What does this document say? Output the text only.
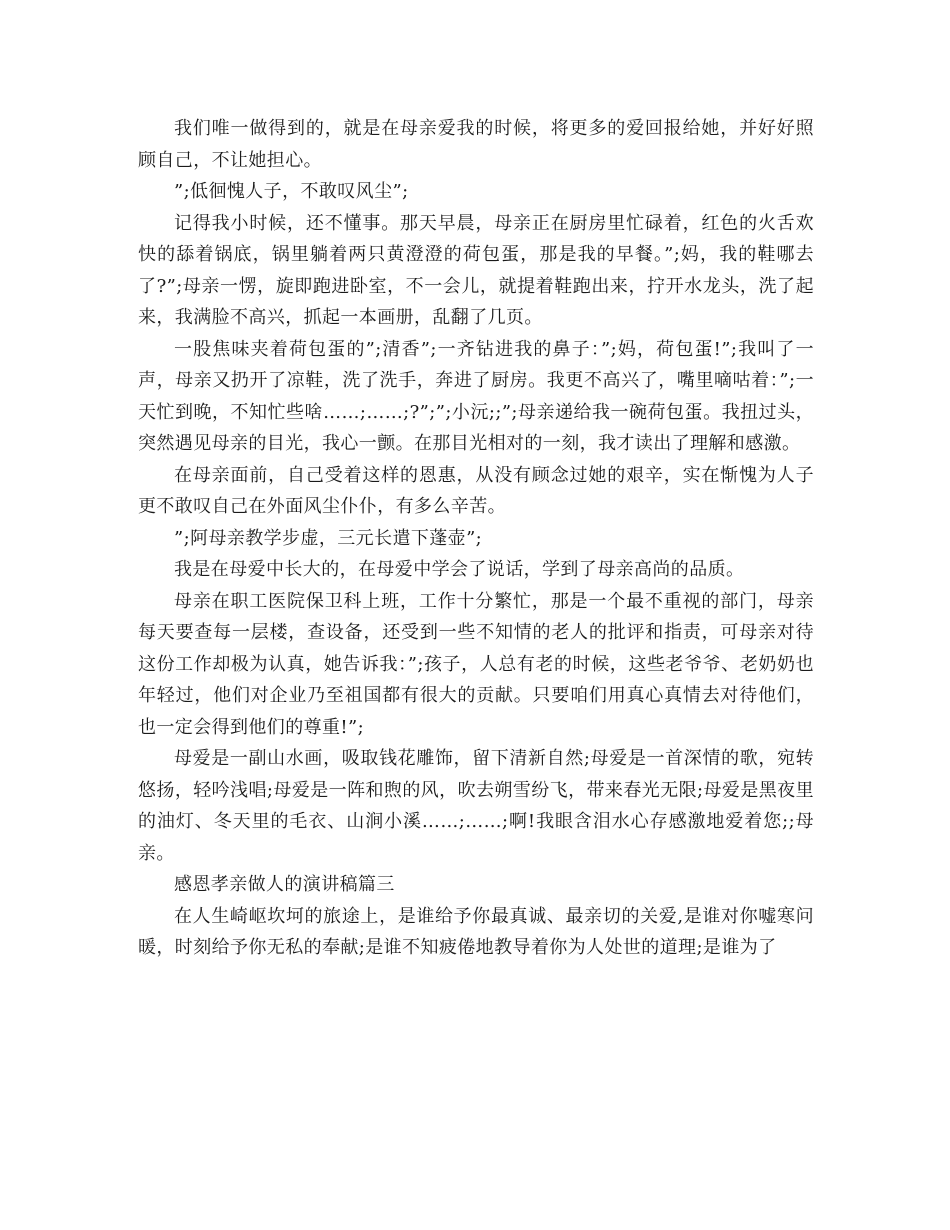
我们唯一做得到的，就是在母亲爱我的时候，将更多的爱回报给她，并好好照顾自己，不让她担心。

”;低徊愧人子，不敢叹风尘”;

记得我小时候，还不懂事。那天早晨，母亲正在厨房里忙碌着，红色的火舌欢快的舔着锅底，锅里躺着两只黄澄澄的荷包蛋，那是我的早餐。”;妈，我的鞋哪去了?”;母亲一愣，旋即跑进卧室，不一会儿，就提着鞋跑出来，拧开水龙头，洗了起来，我满脸不高兴，抓起一本画册，乱翻了几页。

一股焦味夹着荷包蛋的”;清香”;一齐钻进我的鼻子：”;妈，荷包蛋!”;我叫了一声，母亲又扔开了凉鞋，洗了洗手，奔进了厨房。我更不高兴了，嘴里嘀咕着：”;一天忙到晚，不知忙些啥……;……;?”;”;小沅;;”;母亲递给我一碗荷包蛋。我扭过头，突然遇见母亲的目光，我心一颤。在那目光相对的一刻，我才读出了理解和感激。

在母亲面前，自己受着这样的恩惠，从没有顾念过她的艰辛，实在惭愧为人子更不敢叹自己在外面风尘仆仆，有多么辛苦。

”;阿母亲教学步虚，三元长遣下蓬壶”;

我是在母爱中长大的，在母爱中学会了说话，学到了母亲高尚的品质。

母亲在职工医院保卫科上班，工作十分繁忙，那是一个最不重视的部门，母亲每天要查每一层楼，查设备，还受到一些不知情的老人的批评和指责，可母亲对待这份工作却极为认真，她告诉我：”;孩子，人总有老的时候，这些老爷爷、老奶奶也年轻过，他们对企业乃至祖国都有很大的贡献。只要咱们用真心真情去对待他们，也一定会得到他们的尊重!”;

母爱是一副山水画，吸取钱花雕饰，留下清新自然;母爱是一首深情的歌，宛转悠扬，轻吟浅唱;母爱是一阵和煦的风，吹去朔雪纷飞，带来春光无限;母爱是黑夜里的油灯、冬天里的毛衣、山涧小溪……;……;啊!我眼含泪水心存感激地爱着您;;母亲。

感恩孝亲做人的演讲稿篇三

在人生崎岖坎坷的旅途上，是谁给予你最真诚、最亲切的关爱,是谁对你嘘寒问暖，时刻给予你无私的奉献;是谁不知疲倦地教导着你为人处世的道理;是谁为了
